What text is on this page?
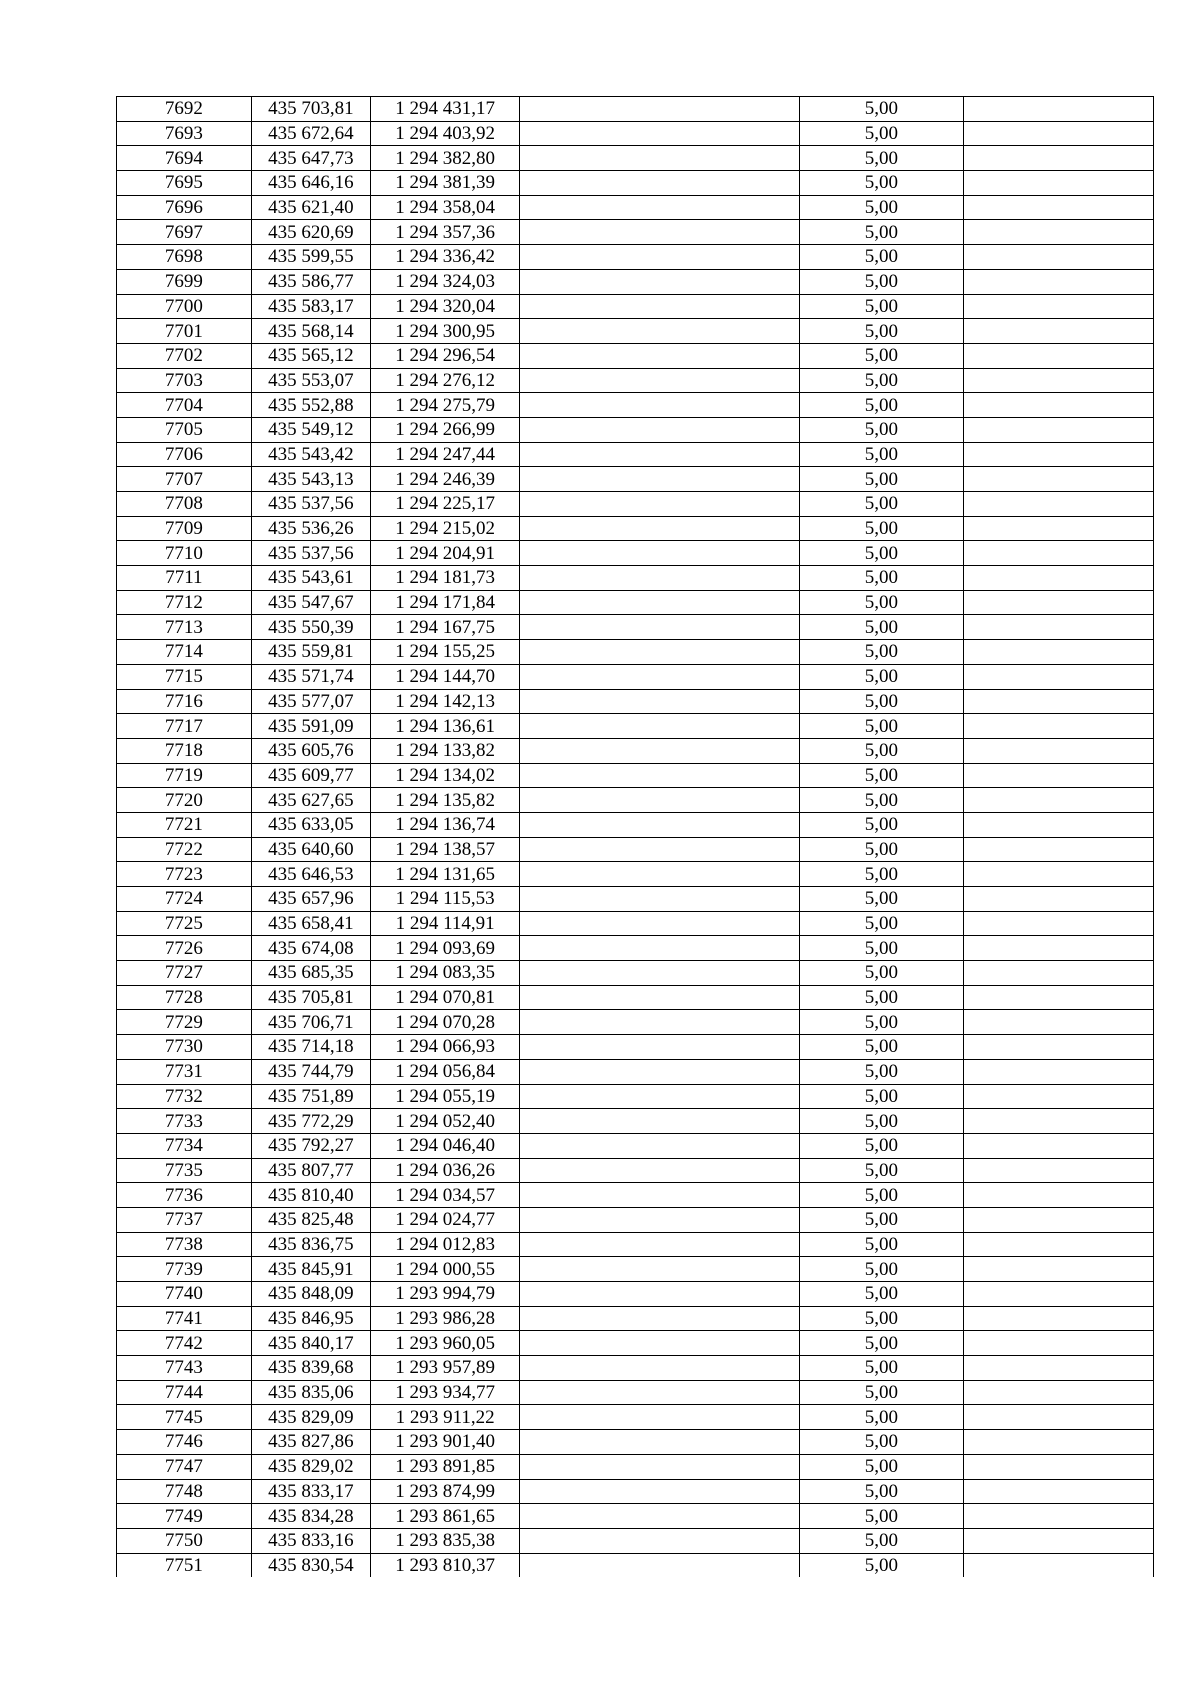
7692	435 703,81	1 294 431,17		5,00	
7693	435 672,64	1 294 403,92		5,00	
7694	435 647,73	1 294 382,80		5,00	
7695	435 646,16	1 294 381,39		5,00	
7696	435 621,40	1 294 358,04		5,00	
7697	435 620,69	1 294 357,36		5,00	
7698	435 599,55	1 294 336,42		5,00	
7699	435 586,77	1 294 324,03		5,00	
7700	435 583,17	1 294 320,04		5,00	
7701	435 568,14	1 294 300,95		5,00	
7702	435 565,12	1 294 296,54		5,00	
7703	435 553,07	1 294 276,12		5,00	
7704	435 552,88	1 294 275,79		5,00	
7705	435 549,12	1 294 266,99		5,00	
7706	435 543,42	1 294 247,44		5,00	
7707	435 543,13	1 294 246,39		5,00	
7708	435 537,56	1 294 225,17		5,00	
7709	435 536,26	1 294 215,02		5,00	
7710	435 537,56	1 294 204,91		5,00	
7711	435 543,61	1 294 181,73		5,00	
7712	435 547,67	1 294 171,84		5,00	
7713	435 550,39	1 294 167,75		5,00	
7714	435 559,81	1 294 155,25		5,00	
7715	435 571,74	1 294 144,70		5,00	
7716	435 577,07	1 294 142,13		5,00	
7717	435 591,09	1 294 136,61		5,00	
7718	435 605,76	1 294 133,82		5,00	
7719	435 609,77	1 294 134,02		5,00	
7720	435 627,65	1 294 135,82		5,00	
7721	435 633,05	1 294 136,74		5,00	
7722	435 640,60	1 294 138,57		5,00	
7723	435 646,53	1 294 131,65		5,00	
7724	435 657,96	1 294 115,53		5,00	
7725	435 658,41	1 294 114,91		5,00	
7726	435 674,08	1 294 093,69		5,00	
7727	435 685,35	1 294 083,35		5,00	
7728	435 705,81	1 294 070,81		5,00	
7729	435 706,71	1 294 070,28		5,00	
7730	435 714,18	1 294 066,93		5,00	
7731	435 744,79	1 294 056,84		5,00	
7732	435 751,89	1 294 055,19		5,00	
7733	435 772,29	1 294 052,40		5,00	
7734	435 792,27	1 294 046,40		5,00	
7735	435 807,77	1 294 036,26		5,00	
7736	435 810,40	1 294 034,57		5,00	
7737	435 825,48	1 294 024,77		5,00	
7738	435 836,75	1 294 012,83		5,00	
7739	435 845,91	1 294 000,55		5,00	
7740	435 848,09	1 293 994,79		5,00	
7741	435 846,95	1 293 986,28		5,00	
7742	435 840,17	1 293 960,05		5,00	
7743	435 839,68	1 293 957,89		5,00	
7744	435 835,06	1 293 934,77		5,00	
7745	435 829,09	1 293 911,22		5,00	
7746	435 827,86	1 293 901,40		5,00	
7747	435 829,02	1 293 891,85		5,00	
7748	435 833,17	1 293 874,99		5,00	
7749	435 834,28	1 293 861,65		5,00	
7750	435 833,16	1 293 835,38		5,00	
7751	435 830,54	1 293 810,37		5,00	
